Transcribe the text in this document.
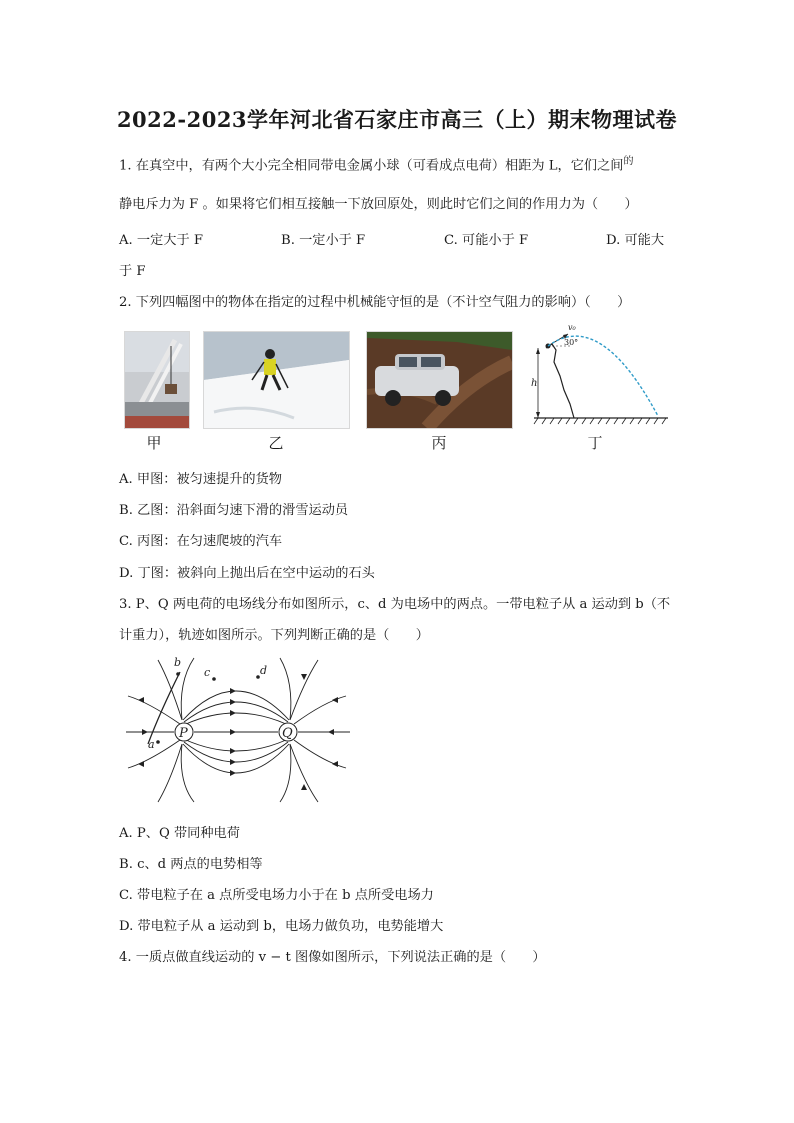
2022-2023学年河北省石家庄市高三（上）期末物理试卷
1. 在真空中，有两个大小完全相同带电金属小球（可看成点电荷）相距为 L，它们之间$^的$
静电斥力为 F 。如果将它们相互接触一下放回原处，则此时它们之间的作用力为（　　）
A. 一定大于 F	B. 一定小于 F	C. 可能小于 F	D. 可能大
于 F
2. 下列四幅图中的物体在指定的过程中机械能守恒的是（不计空气阻力的影响）（　　）
甲	乙	丙
h
v₀
30°
丁
A. 甲图：被匀速提升的货物
B. 乙图：沿斜面匀速下滑的滑雪运动员
C. 丙图：在匀速爬坡的汽车
D. 丁图：被斜向上抛出后在空中运动的石头
3. P、Q 两电荷的电场线分布如图所示，c、d 为电场中的两点。一带电粒子从 a 运动到 b（不
计重力），轨迹如图所示。下列判断正确的是（　　）
P	Q
a
b
c	d
A. P、Q 带同种电荷
B. c、d 两点的电势相等
C. 带电粒子在 a 点所受电场力小于在 b 点所受电场力
D. 带电粒子从 a 运动到 b，电场力做负功，电势能增大
4. 一质点做直线运动的 v − t 图像如图所示，下列说法正确的是（　　）
